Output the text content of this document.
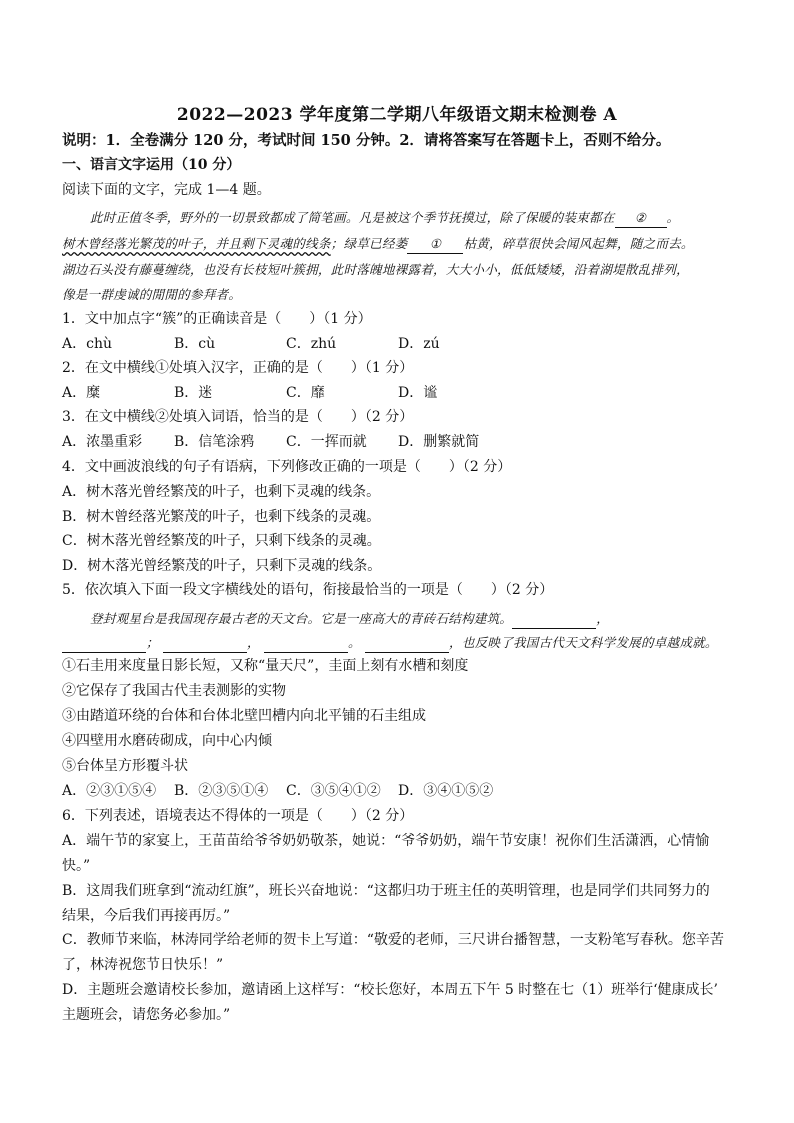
2022—2023 学年度第二学期八年级语文期末检测卷 A
说明：1．全卷满分 120 分，考试时间 150 分钟。2．请将答案写在答题卡上，否则不给分。
一、语言文字运用（10 分）
阅读下面的文字，完成 1—4 题。
此时正值冬季，野外的一切景致都成了简笔画。凡是被这个季节抚摸过，除了保暖的装束都在 ② 。
树木曾经落光繁茂的叶子，并且剩下灵魂的线条；绿草已经萎 ① 枯黄，碎草很快会闻风起舞，随之而去。
湖边石头没有藤蔓缠绕，也没有长枝短叶簇拥，此时落魄地裸露着，大大小小，低低矮矮，沿着湖堤散乱排列，
像是一群虔诚的閒閒的参拜者。
1．文中加点字“簇”的正确读音是（　　）（1 分）
A．chù	B．cù	C．zhú	D．zú
2．在文中横线①处填入汉字，正确的是（　　）（1 分）
A．糜	B．迷	C．靡	D．谧
3．在文中横线②处填入词语，恰当的是（　　）（2 分）
A．浓墨重彩 B．信笔涂鸦 C．一挥而就 D．删繁就简
4．文中画波浪线的句子有语病，下列修改正确的一项是（　　）（2 分）
A．树木落光曾经繁茂的叶子，也剩下灵魂的线条。
B．树木曾经落光繁茂的叶子，也剩下线条的灵魂。
C．树木落光曾经繁茂的叶子，只剩下线条的灵魂。
D．树木落光曾经繁茂的叶子，只剩下灵魂的线条。
5．依次填入下面一段文字横线处的语句，衔接最恰当的一项是（　　）（2 分）
登封观星台是我国现存最古老的天文台。它是一座高大的青砖石结构建筑。	，
；	，	。	，也反映了我国古代天文科学发展的卓越成就。
①石圭用来度量日影长短，又称“量天尺”，圭面上刻有水槽和刻度
②它保存了我国古代圭表测影的实物
③由踏道环绕的台体和台体北壁凹槽内向北平铺的石圭组成
④四壁用水磨砖砌成，向中心内倾
⑤台体呈方形覆斗状
A．②③①⑤④ B．②③⑤①④ C．③⑤④①② D．③④①⑤②
6．下列表述，语境表达不得体的一项是（　　）（2 分）
A．端午节的家宴上，王苗苗给爷爷奶奶敬茶，她说：“爷爷奶奶，端午节安康！祝你们生活潇洒，心情愉
快。”
B．这周我们班拿到“流动红旗”，班长兴奋地说：“这都归功于班主任的英明管理，也是同学们共同努力的
结果，今后我们再接再厉。”
C．教师节来临，林涛同学给老师的贺卡上写道：“敬爱的老师，三尺讲台播智慧，一支粉笔写春秋。您辛苦
了，林涛祝您节日快乐！”
D．主题班会邀请校长参加，邀请函上这样写：“校长您好，本周五下午 5 时整在七（1）班举行‘健康成长’
主题班会，请您务必参加。”
